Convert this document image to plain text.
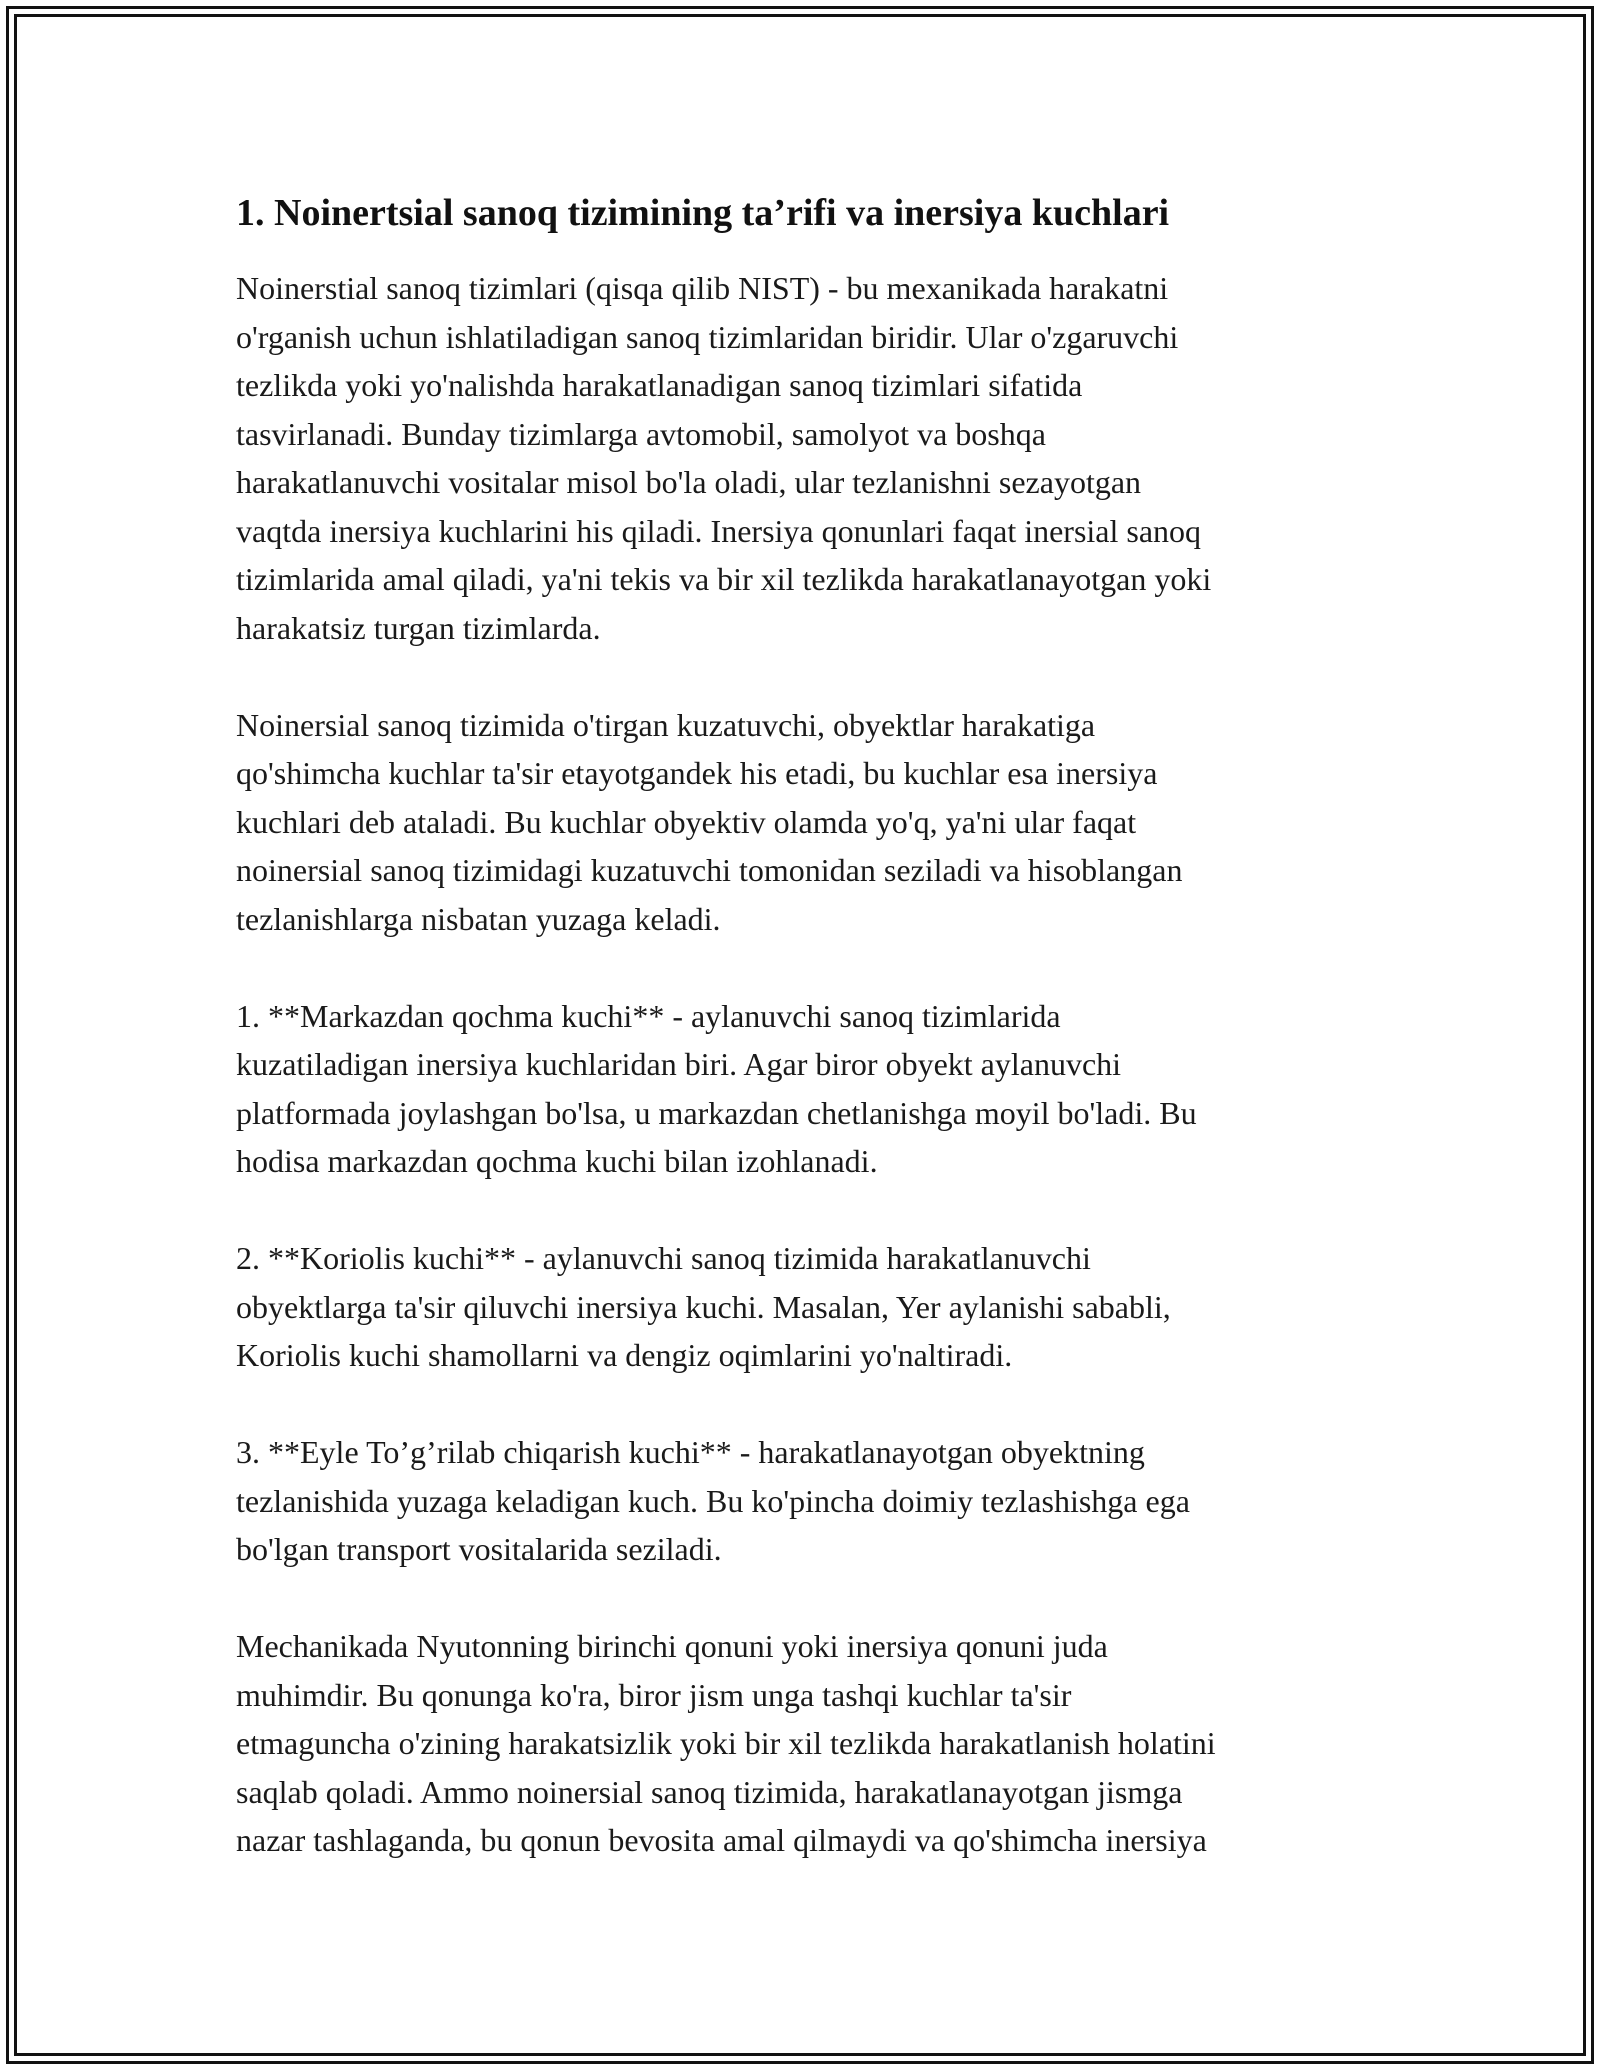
1. Noinertsial sanoq tizimining ta’rifi va inersiya kuchlari

Noinerstial sanoq tizimlari (qisqa qilib NIST) - bu mexanikada harakatni
o'rganish uchun ishlatiladigan sanoq tizimlaridan biridir. Ular o'zgaruvchi
tezlikda yoki yo'nalishda harakatlanadigan sanoq tizimlari sifatida
tasvirlanadi. Bunday tizimlarga avtomobil, samolyot va boshqa
harakatlanuvchi vositalar misol bo'la oladi, ular tezlanishni sezayotgan
vaqtda inersiya kuchlarini his qiladi. Inersiya qonunlari faqat inersial sanoq
tizimlarida amal qiladi, ya'ni tekis va bir xil tezlikda harakatlanayotgan yoki
harakatsiz turgan tizimlarda.

Noinersial sanoq tizimida o'tirgan kuzatuvchi, obyektlar harakatiga
qo'shimcha kuchlar ta'sir etayotgandek his etadi, bu kuchlar esa inersiya
kuchlari deb ataladi. Bu kuchlar obyektiv olamda yo'q, ya'ni ular faqat
noinersial sanoq tizimidagi kuzatuvchi tomonidan seziladi va hisoblangan
tezlanishlarga nisbatan yuzaga keladi.

1. **Markazdan qochma kuchi** - aylanuvchi sanoq tizimlarida
kuzatiladigan inersiya kuchlaridan biri. Agar biror obyekt aylanuvchi
platformada joylashgan bo'lsa, u markazdan chetlanishga moyil bo'ladi. Bu
hodisa markazdan qochma kuchi bilan izohlanadi.

2. **Koriolis kuchi** - aylanuvchi sanoq tizimida harakatlanuvchi
obyektlarga ta'sir qiluvchi inersiya kuchi. Masalan, Yer aylanishi sababli,
Koriolis kuchi shamollarni va dengiz oqimlarini yo'naltiradi.

3. **Eyle To’g’rilab chiqarish kuchi** - harakatlanayotgan obyektning
tezlanishida yuzaga keladigan kuch. Bu ko'pincha doimiy tezlashishga ega
bo'lgan transport vositalarida seziladi.

Mechanikada Nyutonning birinchi qonuni yoki inersiya qonuni juda
muhimdir. Bu qonunga ko'ra, biror jism unga tashqi kuchlar ta'sir
etmaguncha o'zining harakatsizlik yoki bir xil tezlikda harakatlanish holatini
saqlab qoladi. Ammo noinersial sanoq tizimida, harakatlanayotgan jismga
nazar tashlaganda, bu qonun bevosita amal qilmaydi va qo'shimcha inersiya
